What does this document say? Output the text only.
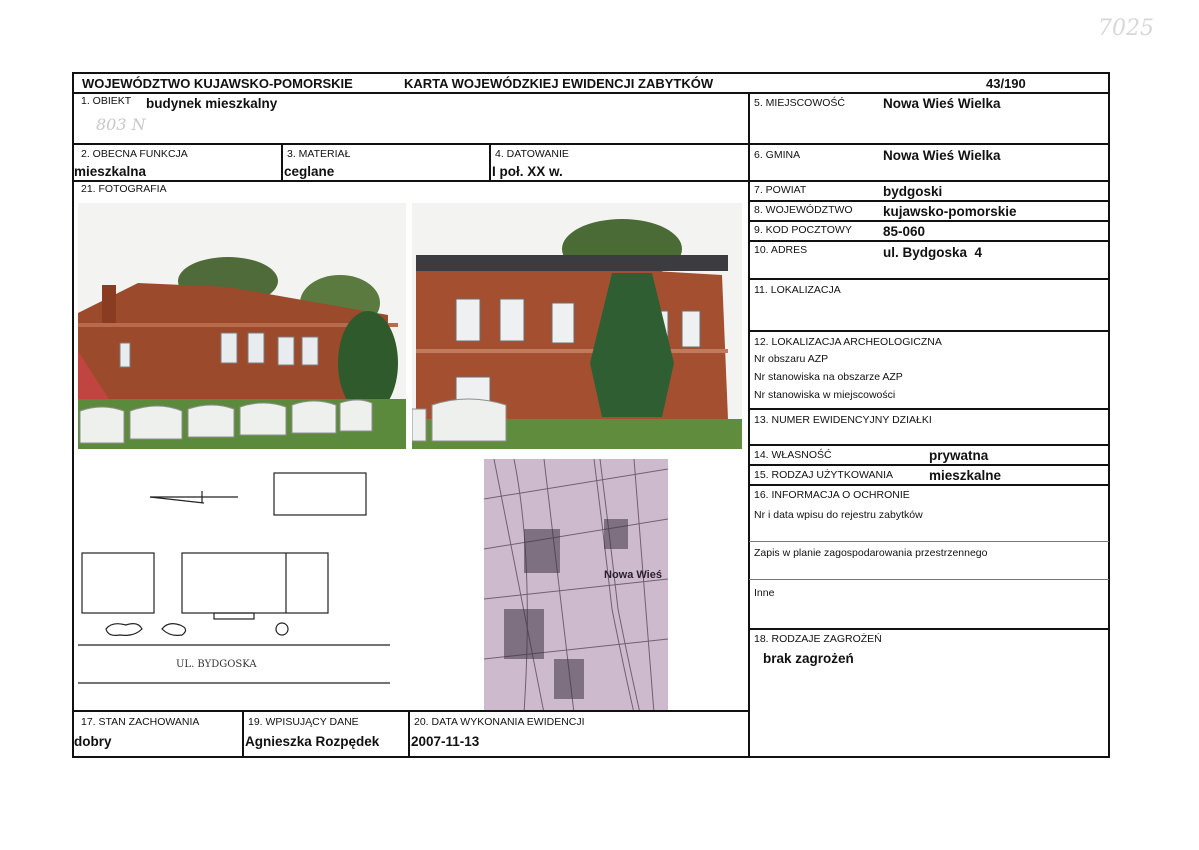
7025
WOJEWÓDZTWO KUJAWSKO-POMORSKIE	KARTA WOJEWÓDZKIEJ EWIDENCJI ZABYTKÓW	43/190
1. OBIEKT budynek mieszkalny
803 N
5. MIEJSCOWOŚĆ	Nowa Wieś Wielka
2. OBECNA FUNKCJA
mieszkalna
3. MATERIAŁ
ceglane
4. DATOWANIE
I poł. XX w.
6. GMINA	Nowa Wieś Wielka
21. FOTOGRAFIA
UL. BYDGOSKA
Nowa Wieś
7. POWIAT	bydgoski
8. WOJEWÓDZTWO kujawsko-pomorskie
9. KOD POCZTOWY 85-060
10. ADRES	ul. Bydgoska  4
11. LOKALIZACJA
12. LOKALIZACJA ARCHEOLOGICZNA
Nr obszaru AZP
Nr stanowiska na obszarze AZP
Nr stanowiska w miejscowości
13. NUMER EWIDENCYJNY DZIAŁKI
14. WŁASNOŚĆ	prywatna
15. RODZAJ UŻYTKOWANIA	mieszkalne
16. INFORMACJA O OCHRONIE
Nr i data wpisu do rejestru zabytków
Zapis w planie zagospodarowania przestrzennego
Inne
18. RODZAJE ZAGROŻEŃ
brak zagrożeń
17. STAN ZACHOWANIA
dobry
19. WPISUJĄCY DANE
Agnieszka Rozpędek
20. DATA WYKONANIA EWIDENCJI
2007-11-13
